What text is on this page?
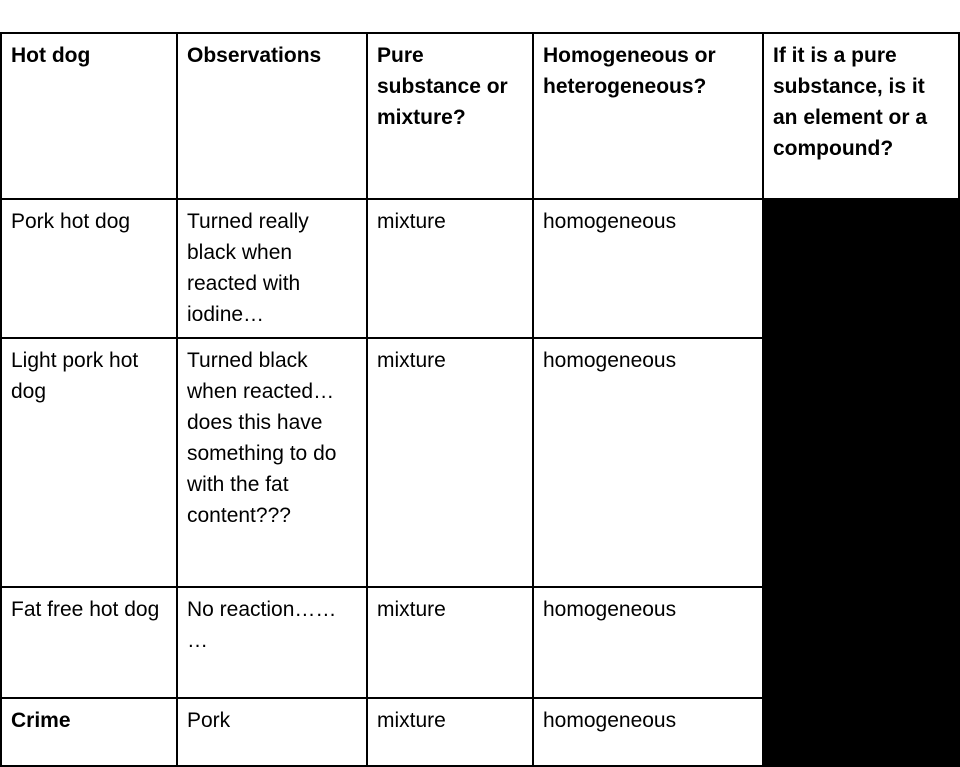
Hot dog	Observations	Pure substance or mixture?	Homogeneous or heterogeneous?	If it is a pure substance, is it an element or a compound?
Pork hot dog	Turned really black when reacted with iodine…	mixture	homogeneous	
Light pork hot dog	Turned black when reacted… does this have something to do with the fat content???	mixture	homogeneous	
Fat free hot dog	No reaction…… …	mixture	homogeneous	
Crime	Pork	mixture	homogeneous	
